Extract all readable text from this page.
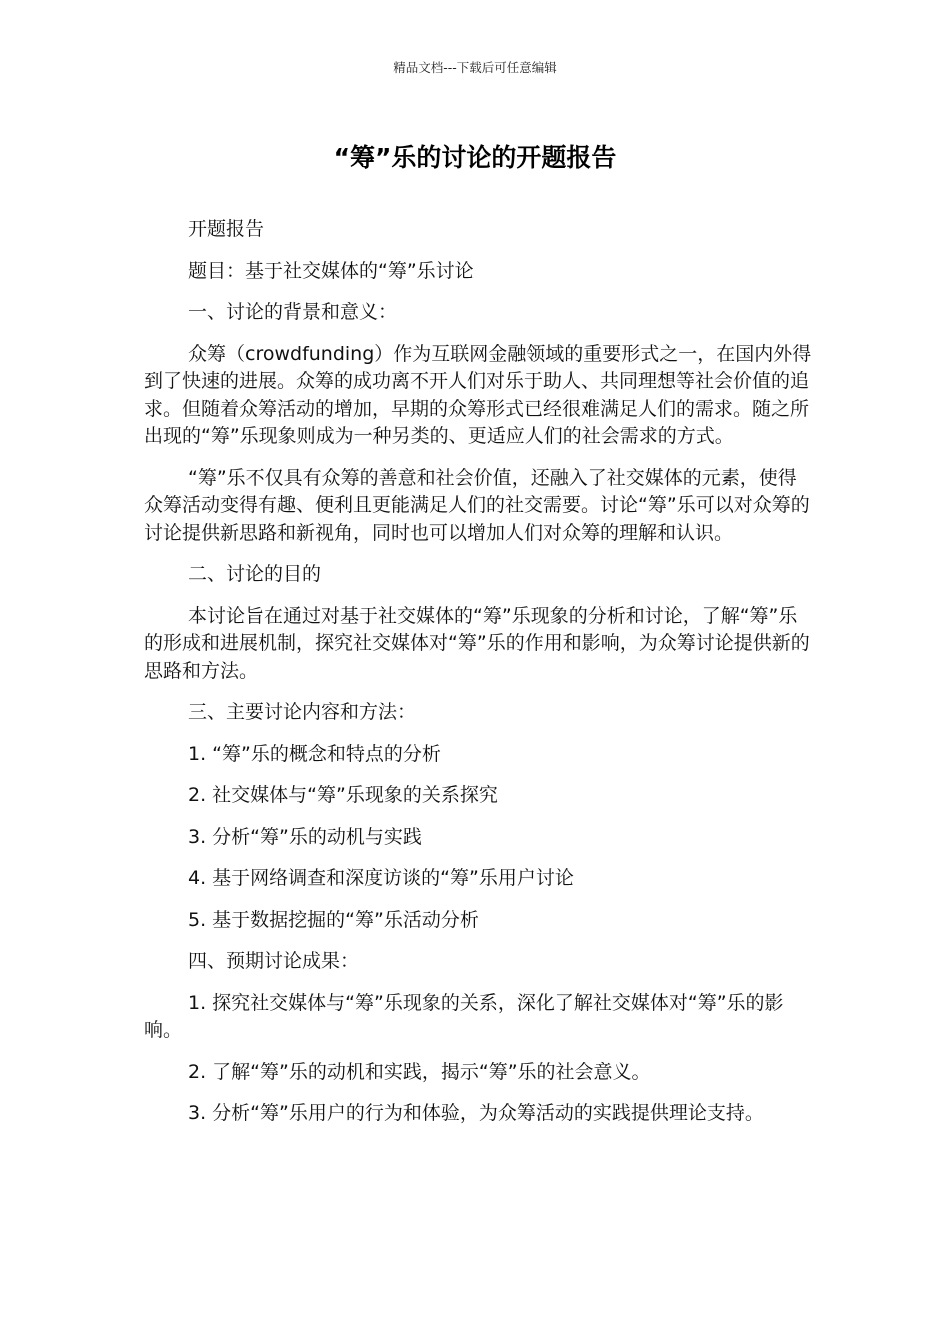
精品文档---下载后可任意编辑
“筹”乐的讨论的开题报告

开题报告

题目：基于社交媒体的“筹”乐讨论

一、讨论的背景和意义：

众筹（crowdfunding）作为互联网金融领域的重要形式之一，在国内外得到了快速的进展。众筹的成功离不开人们对乐于助人、共同理想等社会价值的追求。但随着众筹活动的增加，早期的众筹形式已经很难满足人们的需求。随之所出现的“筹”乐现象则成为一种另类的、更适应人们的社会需求的方式。

“筹”乐不仅具有众筹的善意和社会价值，还融入了社交媒体的元素，使得众筹活动变得有趣、便利且更能满足人们的社交需要。讨论“筹”乐可以对众筹的讨论提供新思路和新视角，同时也可以增加人们对众筹的理解和认识。

二、讨论的目的

本讨论旨在通过对基于社交媒体的“筹”乐现象的分析和讨论，了解“筹”乐的形成和进展机制，探究社交媒体对“筹”乐的作用和影响，为众筹讨论提供新的思路和方法。

三、主要讨论内容和方法：

1. “筹”乐的概念和特点的分析

2. 社交媒体与“筹”乐现象的关系探究

3. 分析“筹”乐的动机与实践

4. 基于网络调查和深度访谈的“筹”乐用户讨论

5. 基于数据挖掘的“筹”乐活动分析

四、预期讨论成果：

1. 探究社交媒体与“筹”乐现象的关系，深化了解社交媒体对“筹”乐的影响。

2. 了解“筹”乐的动机和实践，揭示“筹”乐的社会意义。

3. 分析“筹”乐用户的行为和体验，为众筹活动的实践提供理论支持。
